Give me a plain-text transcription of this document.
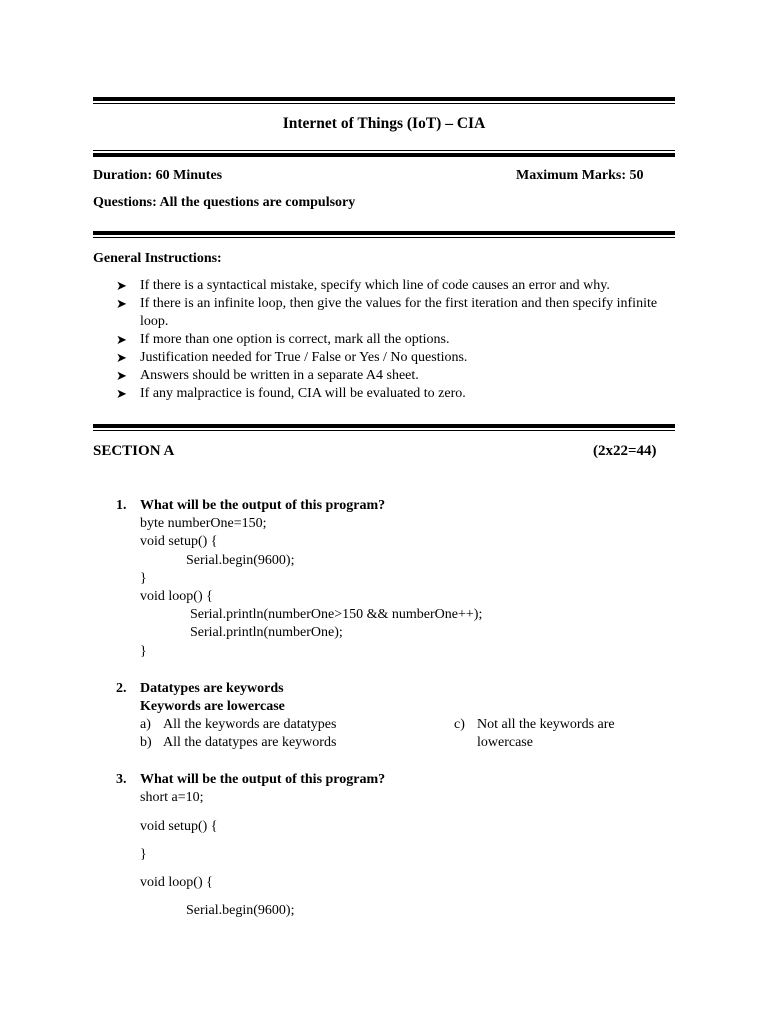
Internet of Things (IoT) – CIA
Duration: 60 Minutes	Maximum Marks: 50
Questions: All the questions are compulsory
General Instructions:
➤ If there is a syntactical mistake, specify which line of code causes an error and why.
➤ If there is an infinite loop, then give the values for the first iteration and then specify infinite loop.
➤ If more than one option is correct, mark all the options.
➤ Justification needed for True / False or Yes / No questions.
➤ Answers should be written in a separate A4 sheet.
➤ If any malpractice is found, CIA will be evaluated to zero.
SECTION A	(2x22=44)
1. What will be the output of this program?
byte numberOne=150;
void setup() {
Serial.begin(9600);
}
void loop() {
Serial.println(numberOne>150 && numberOne++);
Serial.println(numberOne);
}
2. Datatypes are keywords
Keywords are lowercase
a) All the keywords are datatypes
b) All the datatypes are keywords
c) Not all the keywords are
lowercase
3. What will be the output of this program?
short a=10;
void setup() {
}
void loop() {
Serial.begin(9600);
